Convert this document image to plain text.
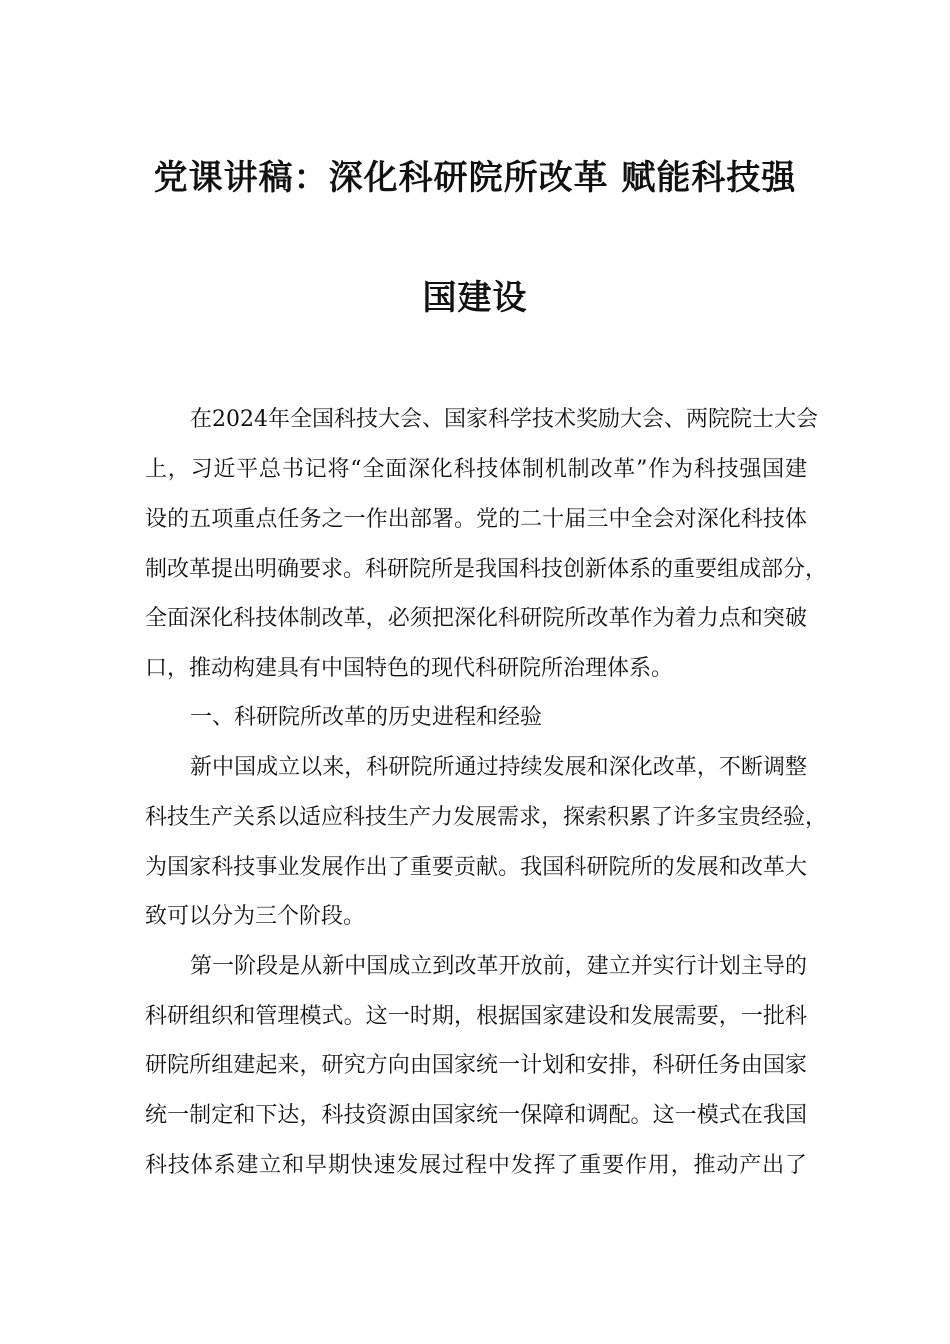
党课讲稿：深化科研院所改革 赋能科技强
国建设
在2024年全国科技大会、国家科学技术奖励大会、两院院士大会
上，习近平总书记将“全面深化科技体制机制改革”作为科技强国建
设的五项重点任务之一作出部署。党的二十届三中全会对深化科技体
制改革提出明确要求。科研院所是我国科技创新体系的重要组成部分，
全面深化科技体制改革，必须把深化科研院所改革作为着力点和突破
口，推动构建具有中国特色的现代科研院所治理体系。
一、科研院所改革的历史进程和经验
新中国成立以来，科研院所通过持续发展和深化改革，不断调整
科技生产关系以适应科技生产力发展需求，探索积累了许多宝贵经验，
为国家科技事业发展作出了重要贡献。我国科研院所的发展和改革大
致可以分为三个阶段。
第一阶段是从新中国成立到改革开放前，建立并实行计划主导的
科研组织和管理模式。这一时期，根据国家建设和发展需要，一批科
研院所组建起来，研究方向由国家统一计划和安排，科研任务由国家
统一制定和下达，科技资源由国家统一保障和调配。这一模式在我国
科技体系建立和早期快速发展过程中发挥了重要作用，推动产出了
